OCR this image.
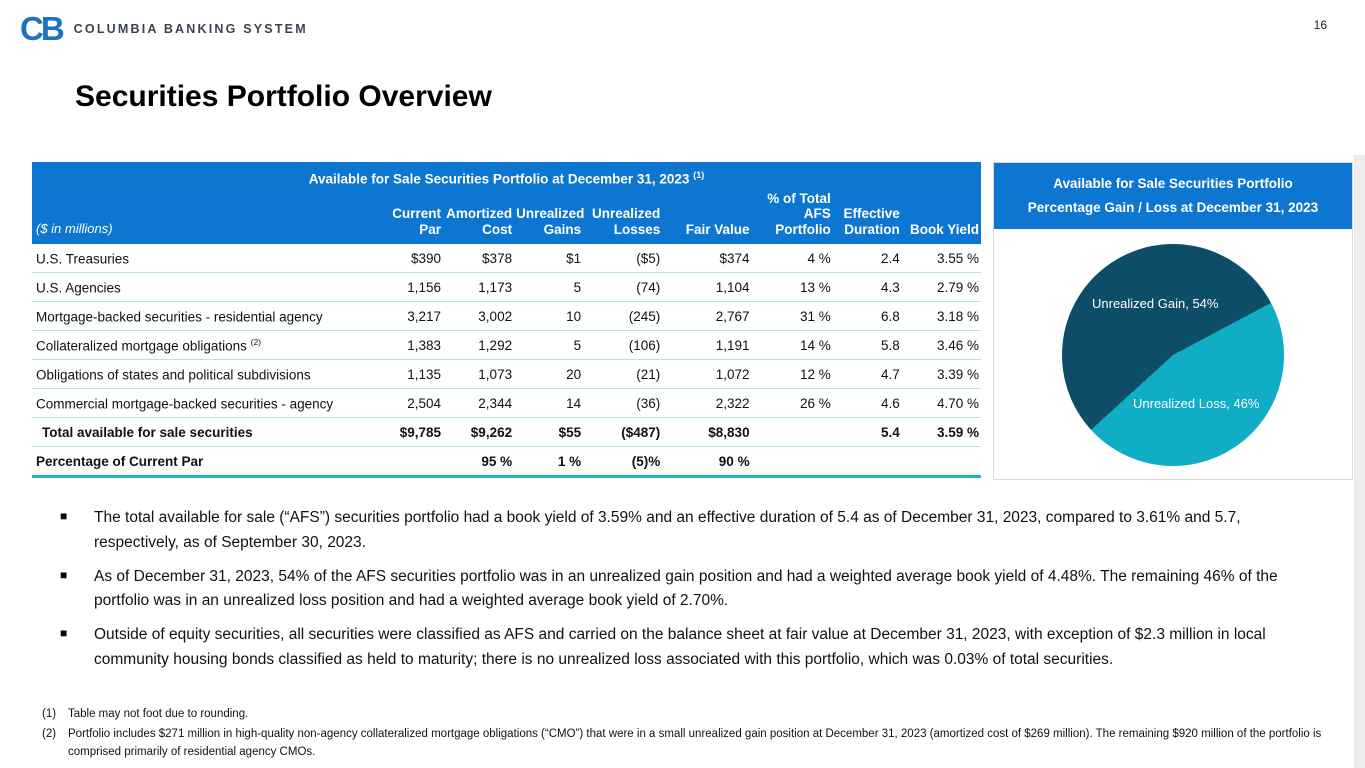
CB COLUMBIA BANKING SYSTEM	16
Securities Portfolio Overview
Available for Sale Securities Portfolio at December 31, 2023 $^{(1)}$
($ in millions)	Current Par	Amortized Cost	Unrealized Gains	Unrealized Losses	Fair Value	% of Total AFS Portfolio	Effective Duration	Book Yield
U.S. Treasuries	$390	$378	$1	($5)	$374	4 %	2.4	3.55 %
U.S. Agencies	1,156	1,173	5	(74)	1,104	13 %	4.3	2.79 %
Mortgage-backed securities - residential agency	3,217	3,002	10	(245)	2,767	31 %	6.8	3.18 %
Collateralized mortgage obligations $^{(2)}$	1,383	1,292	5	(106)	1,191	14 %	5.8	3.46 %
Obligations of states and political subdivisions	1,135	1,073	20	(21)	1,072	12 %	4.7	3.39 %
Commercial mortgage-backed securities - agency	2,504	2,344	14	(36)	2,322	26 %	4.6	4.70 %
Total available for sale securities	$9,785	$9,262	$55	($487)	$8,830		5.4	3.59 %
Percentage of Current Par		95 %	1 %	(5)%	90 %			
Available for Sale Securities Portfolio
Percentage Gain / Loss at December 31, 2023
Unrealized Gain, 54%
Unrealized Loss, 46%
■	The total available for sale (“AFS”) securities portfolio had a book yield of 3.59% and an effective duration of 5.4 as of December 31, 2023, compared to 3.61% and 5.7, respectively, as of September 30, 2023.
■	As of December 31, 2023, 54% of the AFS securities portfolio was in an unrealized gain position and had a weighted average book yield of 4.48%. The remaining 46% of the portfolio was in an unrealized loss position and had a weighted average book yield of 2.70%.
■	Outside of equity securities, all securities were classified as AFS and carried on the balance sheet at fair value at December 31, 2023, with exception of $2.3 million in local community housing bonds classified as held to maturity; there is no unrealized loss associated with this portfolio, which was 0.03% of total securities.
(1)	Table may not foot due to rounding.
(2)	Portfolio includes $271 million in high-quality non-agency collateralized mortgage obligations (“CMO”) that were in a small unrealized gain position at December 31, 2023 (amortized cost of $269 million). The remaining $920 million of the portfolio is comprised primarily of residential agency CMOs.
